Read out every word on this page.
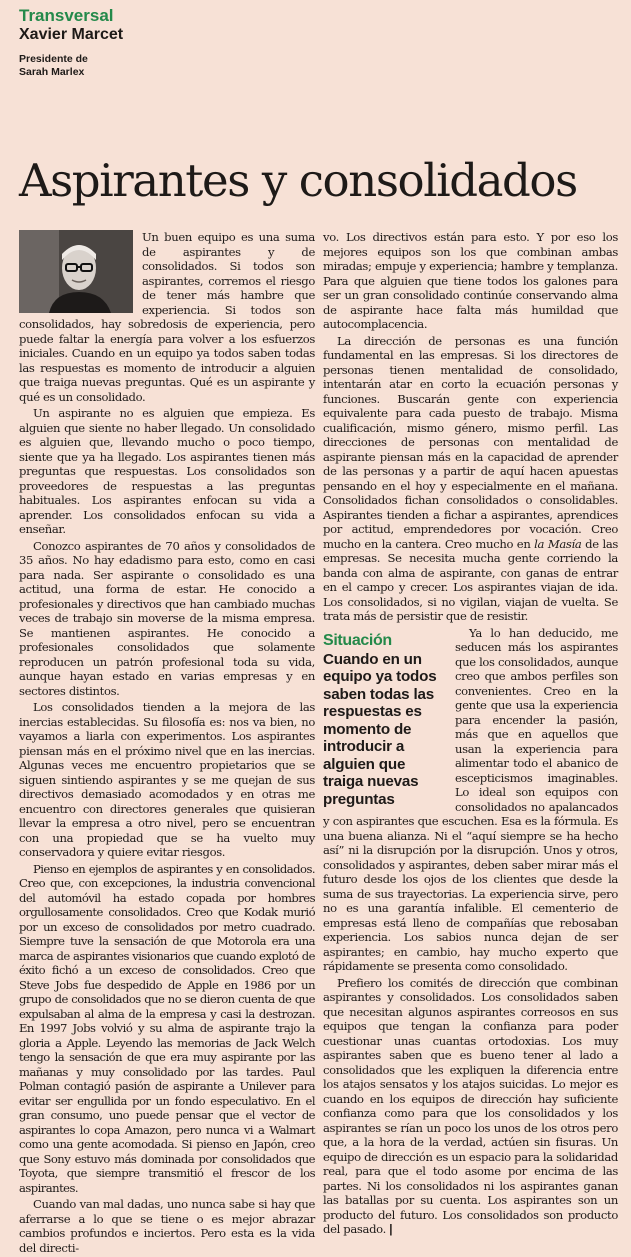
Transversal
Xavier Marcet
Presidente de
Sarah Marlex
Aspirantes y consolidados

Un buen equipo es una suma de aspirantes y de consolidados. Si todos son aspirantes, corremos el riesgo de tener más hambre que experiencia. Si todos son consolidados, hay sobredosis de experiencia, pero puede faltar la energía para volver a los esfuerzos iniciales. Cuando en un equipo ya todos saben todas las respuestas es momento de introducir a alguien que traiga nuevas preguntas. Qué es un aspirante y qué es un consolidado.

Un aspirante no es alguien que empieza. Es alguien que siente no haber llegado. Un consolidado es alguien que, llevando mucho o poco tiempo, siente que ya ha llegado. Los aspirantes tienen más preguntas que respuestas. Los consolidados son proveedores de respuestas a las preguntas habituales. Los aspirantes enfocan su vida a aprender. Los consolidados enfocan su vida a enseñar.

Conozco aspirantes de 70 años y consolidados de 35 años. No hay edadismo para esto, como en casi para nada. Ser aspirante o consolidado es una actitud, una forma de estar. He conocido a profesionales y directivos que han cambiado muchas veces de trabajo sin moverse de la misma empresa. Se mantienen aspirantes. He conocido a profesionales consolidados que solamente reproducen un patrón profesional toda su vida, aunque hayan estado en varias empresas y en sectores distintos.

Los consolidados tienden a la mejora de las inercias establecidas. Su filosofía es: nos va bien, no vayamos a liarla con experimentos. Los aspirantes piensan más en el próximo nivel que en las inercias. Algunas veces me encuentro propietarios que se siguen sintiendo aspirantes y se me quejan de sus directivos demasiado acomodados y en otras me encuentro con directores generales que quisieran llevar la empresa a otro nivel, pero se encuentran con una propiedad que se ha vuelto muy conservadora y quiere evitar riesgos.

Pienso en ejemplos de aspirantes y en consolidados. Creo que, con excepciones, la industria convencional del automóvil ha estado copada por hombres orgullosamente consolidados. Creo que Kodak murió por un exceso de consolidados por metro cuadrado. Siempre tuve la sensación de que Motorola era una marca de aspirantes visionarios que cuando explotó de éxito fichó a un exceso de consolidados. Creo que Steve Jobs fue despedido de Apple en 1986 por un grupo de consolidados que no se dieron cuenta de que expulsaban al alma de la empresa y casi la destrozan. En 1997 Jobs volvió y su alma de aspirante trajo la gloria a Apple. Leyendo las memorias de Jack Welch tengo la sensación de que era muy aspirante por las mañanas y muy consolidado por las tardes. Paul Polman contagió pasión de aspirante a Unilever para evitar ser engullida por un fondo especulativo. En el gran consumo, uno puede pensar que el vector de aspirantes lo copa Amazon, pero nunca vi a Walmart como una gente acomodada. Si pienso en Japón, creo que Sony estuvo más dominada por consolidados que Toyota, que siempre transmitió el frescor de los aspirantes.

Cuando van mal dadas, uno nunca sabe si hay que aferrarse a lo que se tiene o es mejor abrazar cambios profundos e inciertos. Pero esta es la vida del directi-

vo. Los directivos están para esto. Y por eso los mejores equipos son los que combinan ambas miradas; empuje y experiencia; hambre y templanza. Para que alguien que tiene todos los galones para ser un gran consolidado continúe conservando alma de aspirante hace falta más humildad que autocomplacencia.

La dirección de personas es una función fundamental en las empresas. Si los directores de personas tienen mentalidad de consolidado, intentarán atar en corto la ecuación personas y funciones. Buscarán gente con experiencia equivalente para cada puesto de trabajo. Misma cualificación, mismo género, mismo perfil. Las direcciones de personas con mentalidad de aspirante piensan más en la capacidad de aprender de las personas y a partir de aquí hacen apuestas pensando en el hoy y especialmente en el mañana. Consolidados fichan consolidados o consolidables. Aspirantes tienden a fichar a aspirantes, aprendices por actitud, emprendedores por vocación. Creo mucho en la cantera. Creo mucho en la Masía de las empresas. Se necesita mucha gente corriendo la banda con alma de aspirante, con ganas de entrar en el campo y crecer. Los aspirantes viajan de ida. Los consolidados, si no vigilan, viajan de vuelta. Se trata más de persistir que de resistir.

Situación
Cuando en un equipo ya todos saben todas las respuestas es momento de introducir a alguien que traiga nuevas preguntas

Ya lo han deducido, me seducen más los aspirantes que los consolidados, aunque creo que ambos perfiles son convenientes. Creo en la gente que usa la experiencia para encender la pasión, más que en aquellos que usan la experiencia para alimentar todo el abanico de escepticismos imaginables. Lo ideal son equipos con consolidados no apalancados y con aspirantes que escuchen. Esa es la fórmula. Es una buena alianza. Ni el “aquí siempre se ha hecho así” ni la disrupción por la disrupción. Unos y otros, consolidados y aspirantes, deben saber mirar más el futuro desde los ojos de los clientes que desde la suma de sus trayectorias. La experiencia sirve, pero no es una garantía infalible. El cementerio de empresas está lleno de compañías que rebosaban experiencia. Los sabios nunca dejan de ser aspirantes; en cambio, hay mucho experto que rápidamente se presenta como consolidado.

Prefiero los comités de dirección que combinan aspirantes y consolidados. Los consolidados saben que necesitan algunos aspirantes correosos en sus equipos que tengan la confianza para poder cuestionar unas cuantas ortodoxias. Los muy aspirantes saben que es bueno tener al lado a consolidados que les expliquen la diferencia entre los atajos sensatos y los atajos suicidas. Lo mejor es cuando en los equipos de dirección hay suficiente confianza como para que los consolidados y los aspirantes se rían un poco los unos de los otros pero que, a la hora de la verdad, actúen sin fisuras. Un equipo de dirección es un espacio para la solidaridad real, para que el todo asome por encima de las partes. Ni los consolidados ni los aspirantes ganan las batallas por su cuenta. Los aspirantes son un producto del futuro. Los consolidados son producto del pasado. |
